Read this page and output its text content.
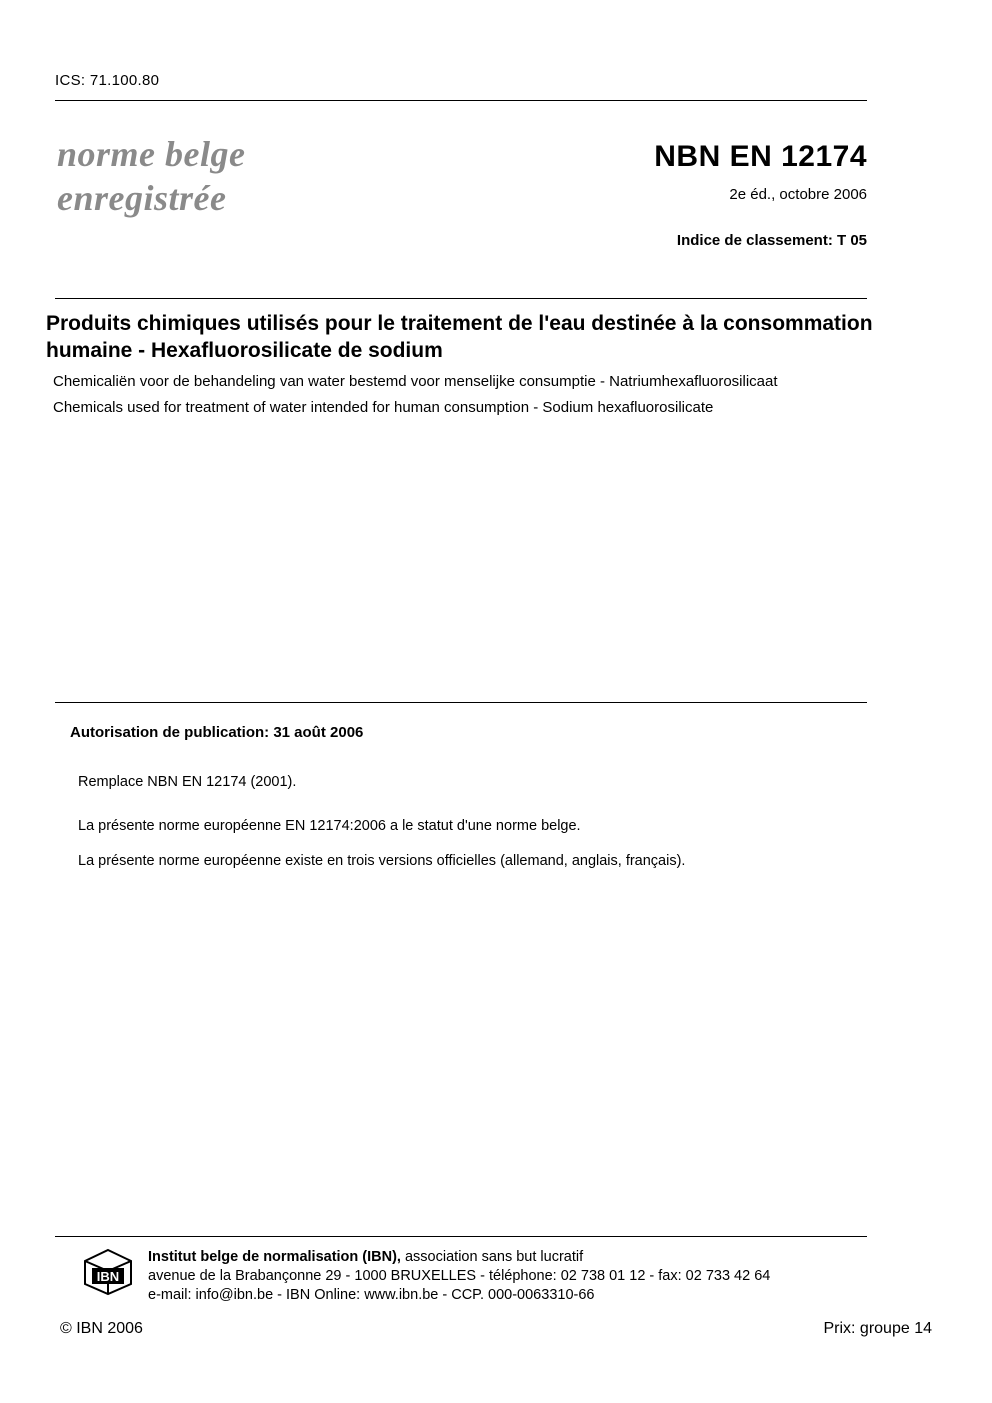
ICS: 71.100.80
norme belge
enregistrée
NBN EN 12174
2e éd., octobre 2006
Indice de classement: T 05
Produits chimiques utilisés pour le traitement de l'eau destinée à la consommation humaine - Hexafluorosilicate de sodium
Chemicaliën voor de behandeling van water bestemd voor menselijke consumptie - Natriumhexafluorosilicaat
Chemicals used for treatment of water intended for human consumption - Sodium hexafluorosilicate
Autorisation de publication: 31 août 2006
Remplace NBN EN 12174 (2001).
La présente norme européenne EN 12174:2006 a le statut d'une norme belge.
La présente norme européenne existe en trois versions officielles (allemand, anglais, français).
IBN
Institut belge de normalisation (IBN), association sans but lucratif
avenue de la Brabançonne 29 - 1000 BRUXELLES - téléphone: 02 738 01 12 - fax: 02 733 42 64
e-mail: info@ibn.be - IBN Online: www.ibn.be - CCP. 000-0063310-66
© IBN 2006	Prix: groupe 14
